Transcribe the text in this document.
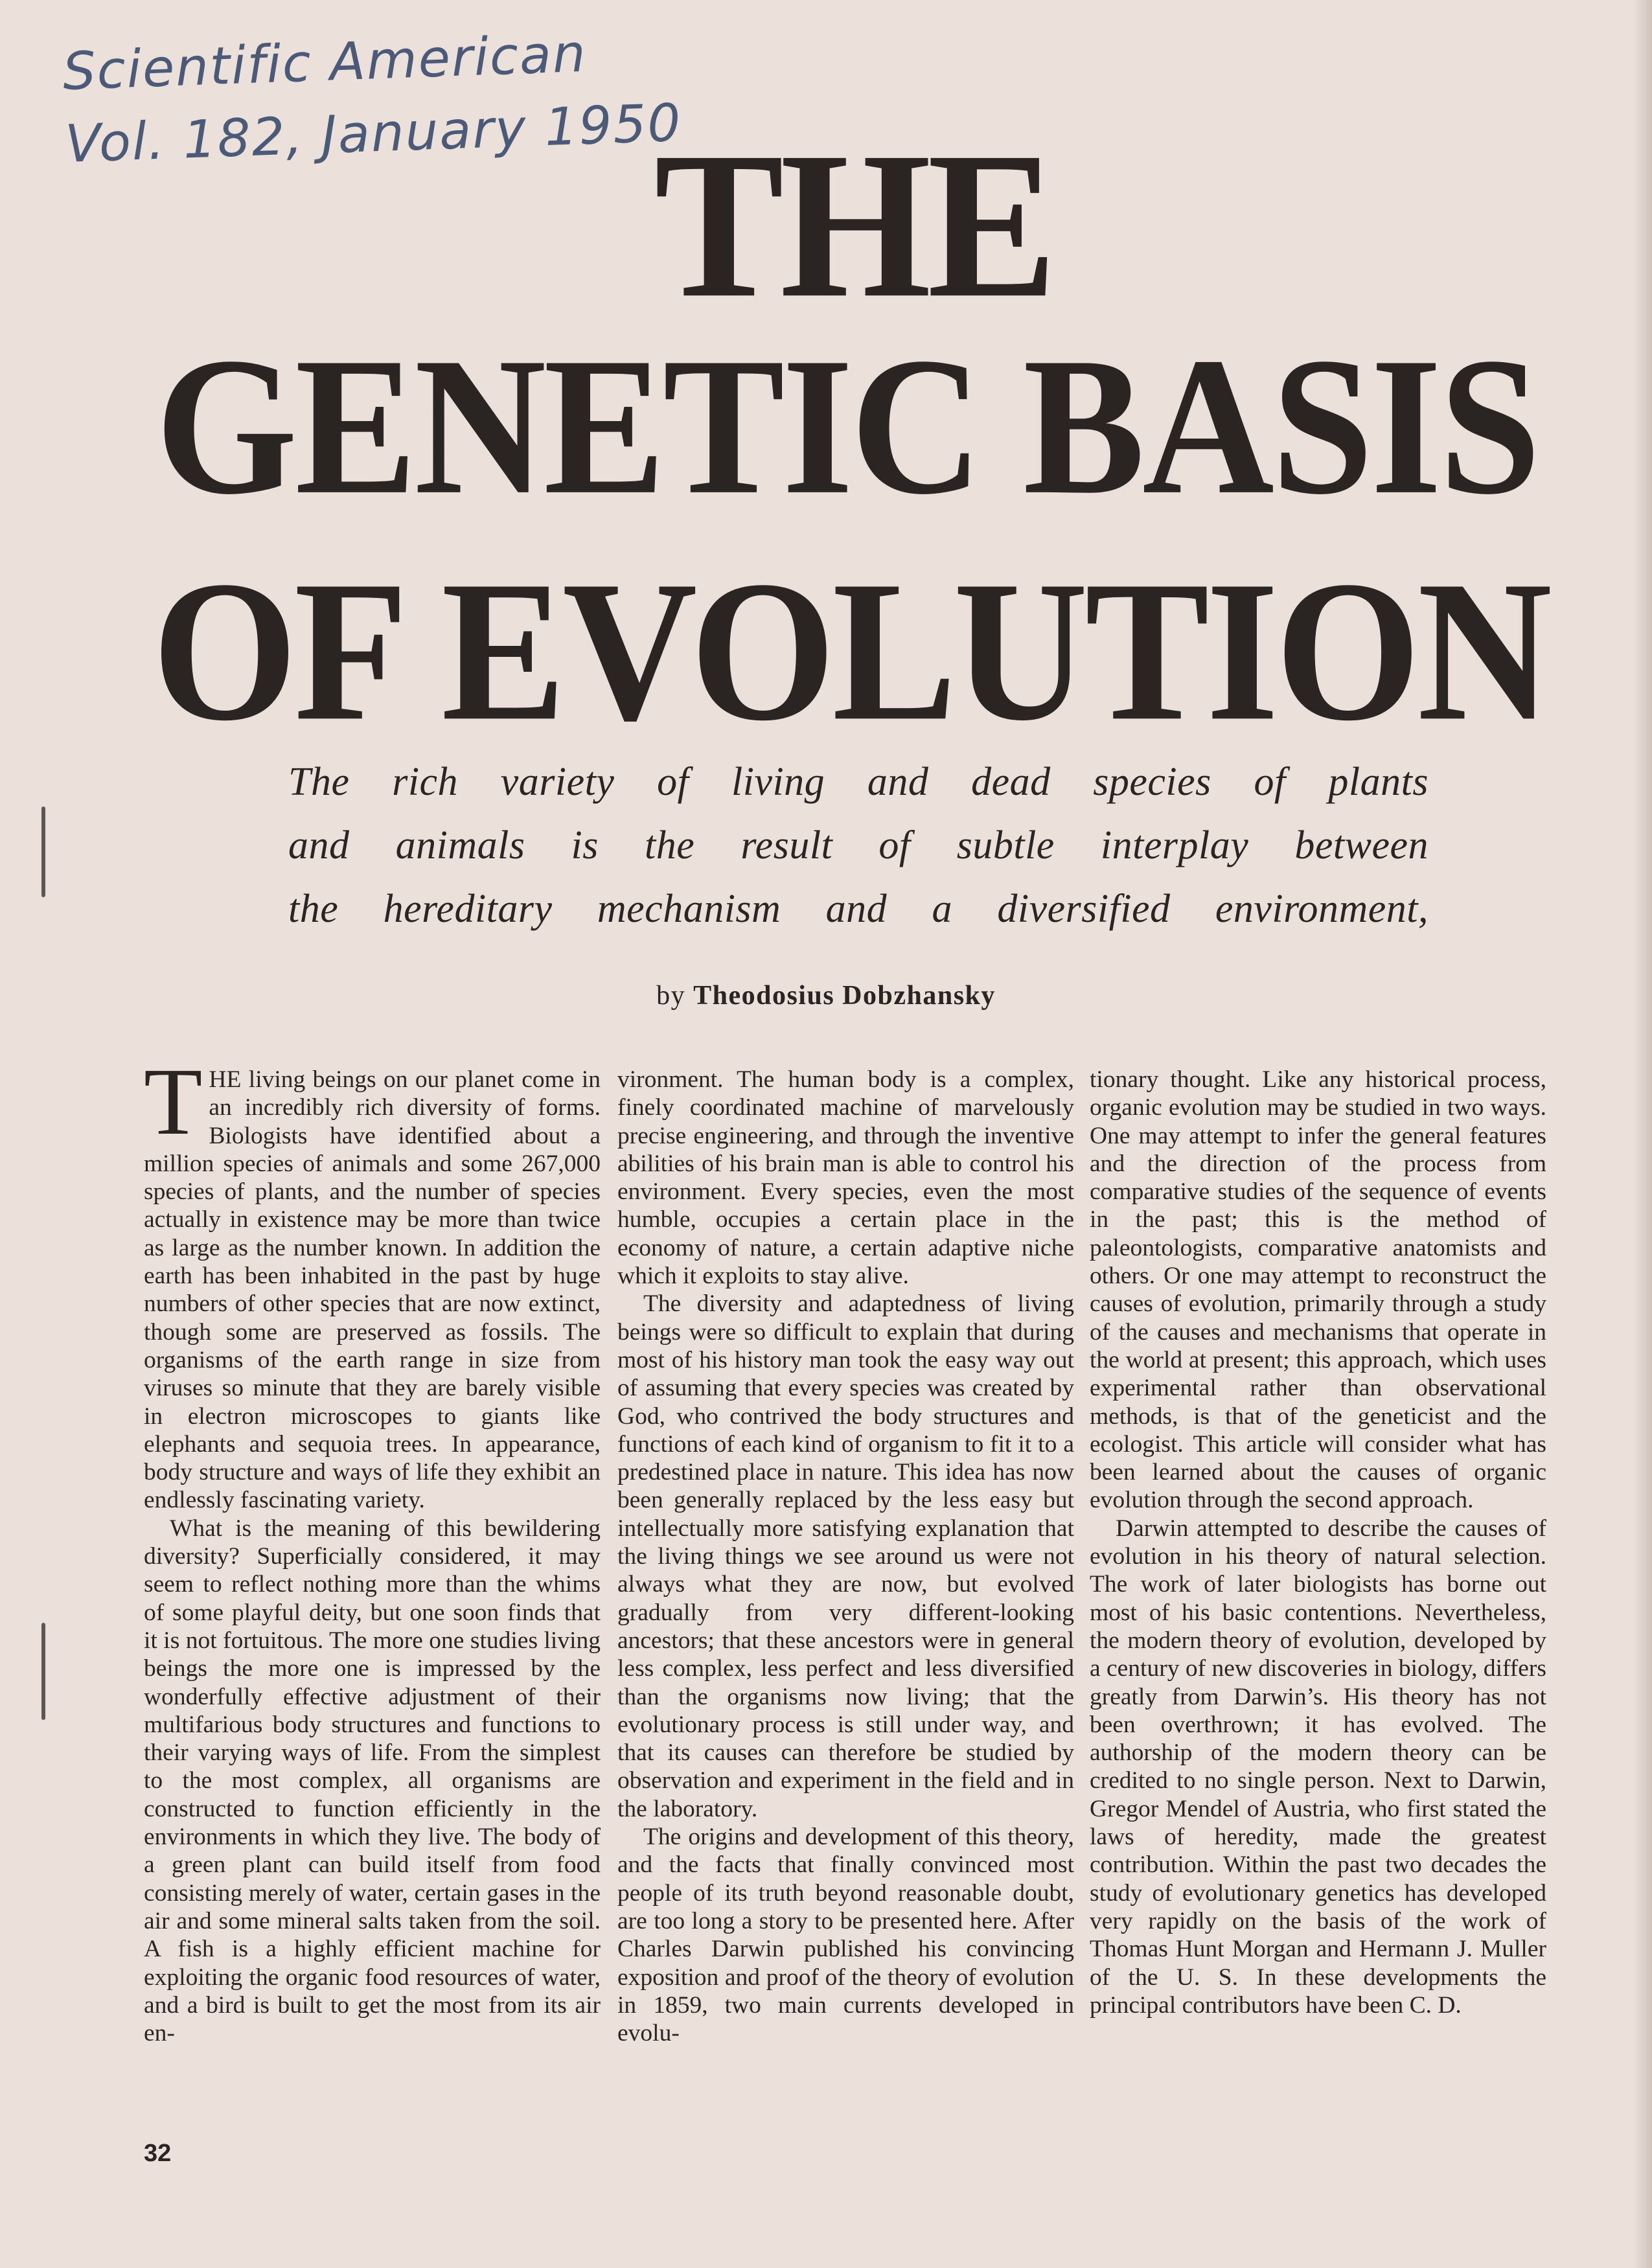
Scientific American
Vol. 182, January 1950
THE
GENETIC BASIS
OF EVOLUTION
The rich variety of living and dead species of plants
and animals is the result of subtle interplay between
the hereditary mechanism and a diversified environment,
by Theodosius Dobzhansky

THE living beings on our planet come in an incredibly rich diversity of forms. Biologists have identified about a million species of animals and some 267,000 species of plants, and the number of species actually in existence may be more than twice as large as the number known. In addition the earth has been inhabited in the past by huge numbers of other species that are now extinct, though some are preserved as fossils. The organisms of the earth range in size from viruses so minute that they are barely visible in electron microscopes to giants like elephants and sequoia trees. In appearance, body structure and ways of life they exhibit an endlessly fascinating variety.

What is the meaning of this bewildering diversity? Superficially considered, it may seem to reflect nothing more than the whims of some playful deity, but one soon finds that it is not fortuitous. The more one studies living beings the more one is impressed by the wonderfully effective adjustment of their multifarious body structures and functions to their varying ways of life. From the simplest to the most complex, all organisms are constructed to function efficiently in the environments in which they live. The body of a green plant can build itself from food consisting merely of water, certain gases in the air and some mineral salts taken from the soil. A fish is a highly efficient machine for exploiting the organic food resources of water, and a bird is built to get the most from its air en-

vironment. The human body is a complex, finely coordinated machine of marvelously precise engineering, and through the inventive abilities of his brain man is able to control his environment. Every species, even the most humble, occupies a certain place in the economy of nature, a certain adaptive niche which it exploits to stay alive.

The diversity and adaptedness of living beings were so difficult to explain that during most of his history man took the easy way out of assuming that every species was created by God, who contrived the body structures and functions of each kind of organism to fit it to a predestined place in nature. This idea has now been generally replaced by the less easy but intellectually more satisfying explanation that the living things we see around us were not always what they are now, but evolved gradually from very different-looking ancestors; that these ancestors were in general less complex, less perfect and less diversified than the organisms now living; that the evolutionary process is still under way, and that its causes can therefore be studied by observation and experiment in the field and in the laboratory.

The origins and development of this theory, and the facts that finally convinced most people of its truth beyond reasonable doubt, are too long a story to be presented here. After Charles Darwin published his convincing exposition and proof of the theory of evolution in 1859, two main currents developed in evolu-

tionary thought. Like any historical process, organic evolution may be studied in two ways. One may attempt to infer the general features and the direction of the process from comparative studies of the sequence of events in the past; this is the method of paleontologists, comparative anatomists and others. Or one may attempt to reconstruct the causes of evolution, primarily through a study of the causes and mechanisms that operate in the world at present; this approach, which uses experimental rather than observational methods, is that of the geneticist and the ecologist. This article will consider what has been learned about the causes of organic evolution through the second approach.

Darwin attempted to describe the causes of evolution in his theory of natural selection. The work of later biologists has borne out most of his basic contentions. Nevertheless, the modern theory of evolution, developed by a century of new discoveries in biology, differs greatly from Darwin’s. His theory has not been overthrown; it has evolved. The authorship of the modern theory can be credited to no single person. Next to Darwin, Gregor Mendel of Austria, who first stated the laws of heredity, made the greatest contribution. Within the past two decades the study of evolutionary genetics has developed very rapidly on the basis of the work of Thomas Hunt Morgan and Hermann J. Muller of the U. S. In these developments the principal contributors have been C. D.

32
